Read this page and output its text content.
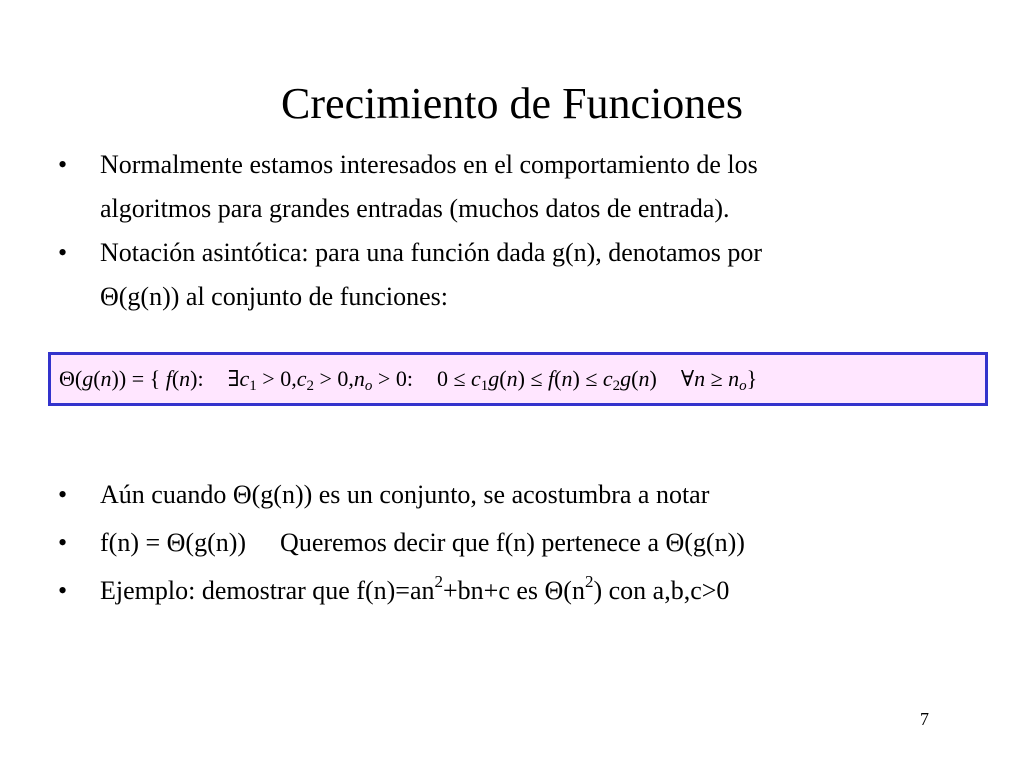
Crecimiento de Funciones
•	Normalmente estamos interesados en el comportamiento de los
algoritmos para grandes entradas (muchos datos de entrada).
•	Notación asintótica: para una función dada g(n), denotamos por
Θ(g(n)) al conjunto de funciones:
Θ(g(n)) = { f(n): $\exists c_1 > 0,c_2 > 0,n_o > 0$: $0 \le c_1g(n) \le f(n) \le c_2g(n)$ ∀n ≥ $n_o$}
•	Aún cuando Θ(g(n)) es un conjunto, se acostumbra a notar
•	f(n) = Θ(g(n)) Queremos decir que f(n) pertenece a Θ(g(n))
•	Ejemplo: demostrar que $f(n)=an^2+bn+c$ es $\Theta(n^2)$ con a,b,c>0
7
